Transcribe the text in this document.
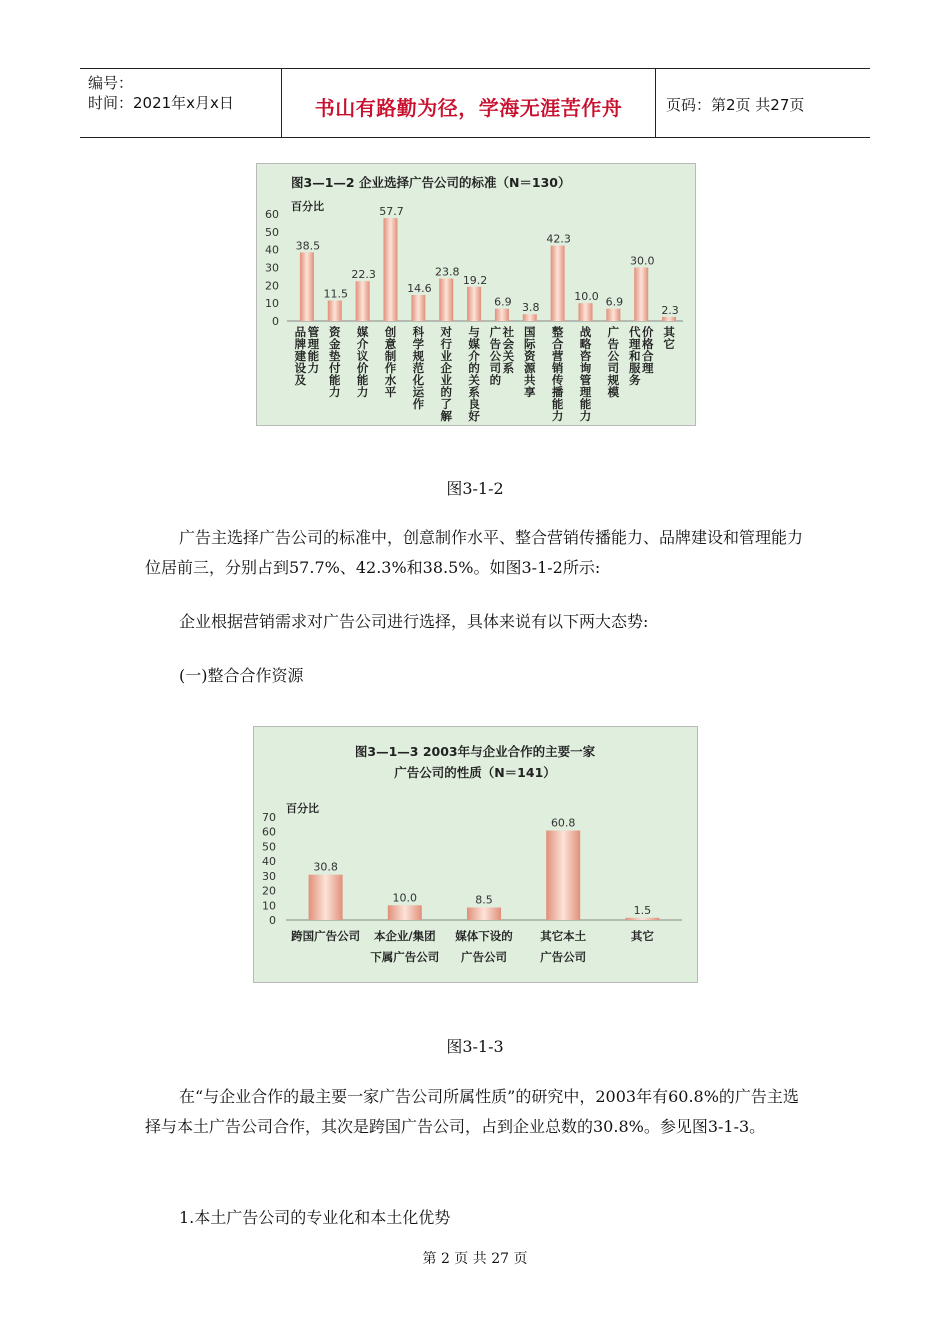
编号：
时间：2021年x月x日	书山有路勤为径，学海无涯苦作舟	页码：第2页 共27页
图3—1—2 企业选择广告公司的标准（N＝130）
百分比
0
10
20
30
40
50
60
38.5
品牌建设及管理能力
11.5
资金垫付能力
22.3
媒介议价能力
57.7
创意制作水平
14.6
科学规范化运作
23.8
对行业企业的了解
19.2
与媒介的关系良好
6.9
广告公司的社会关系
3.8
国际资源共享
42.3
整合营销传播能力
10.0
战略咨询管理能力
6.9
广告公司规模
30.0
代理和服务价格合理
2.3
其它
图3-1-2
广告主选择广告公司的标准中，创意制作水平、整合营销传播能力、品牌建设和管理能力位居前三，分别占到57.7%、42.3%和38.5%。如图3-1-2所示:
企业根据营销需求对广告公司进行选择，具体来说有以下两大态势:
(一)整合合作资源
图3—1—3 2003年与企业合作的主要一家
广告公司的性质（N＝141）
百分比
0
10
20
30
40
50
60
70
30.8
跨国广告公司
10.0
本企业/集团
下属广告公司
8.5
媒体下设的
广告公司
60.8
其它本土
广告公司
1.5
其它
图3-1-3
在“与企业合作的最主要一家广告公司所属性质”的研究中，2003年有60.8%的广告主选择与本土广告公司合作，其次是跨国广告公司，占到企业总数的30.8%。参见图3-1-3。
1.本土广告公司的专业化和本土化优势
第 2 页 共 27 页
